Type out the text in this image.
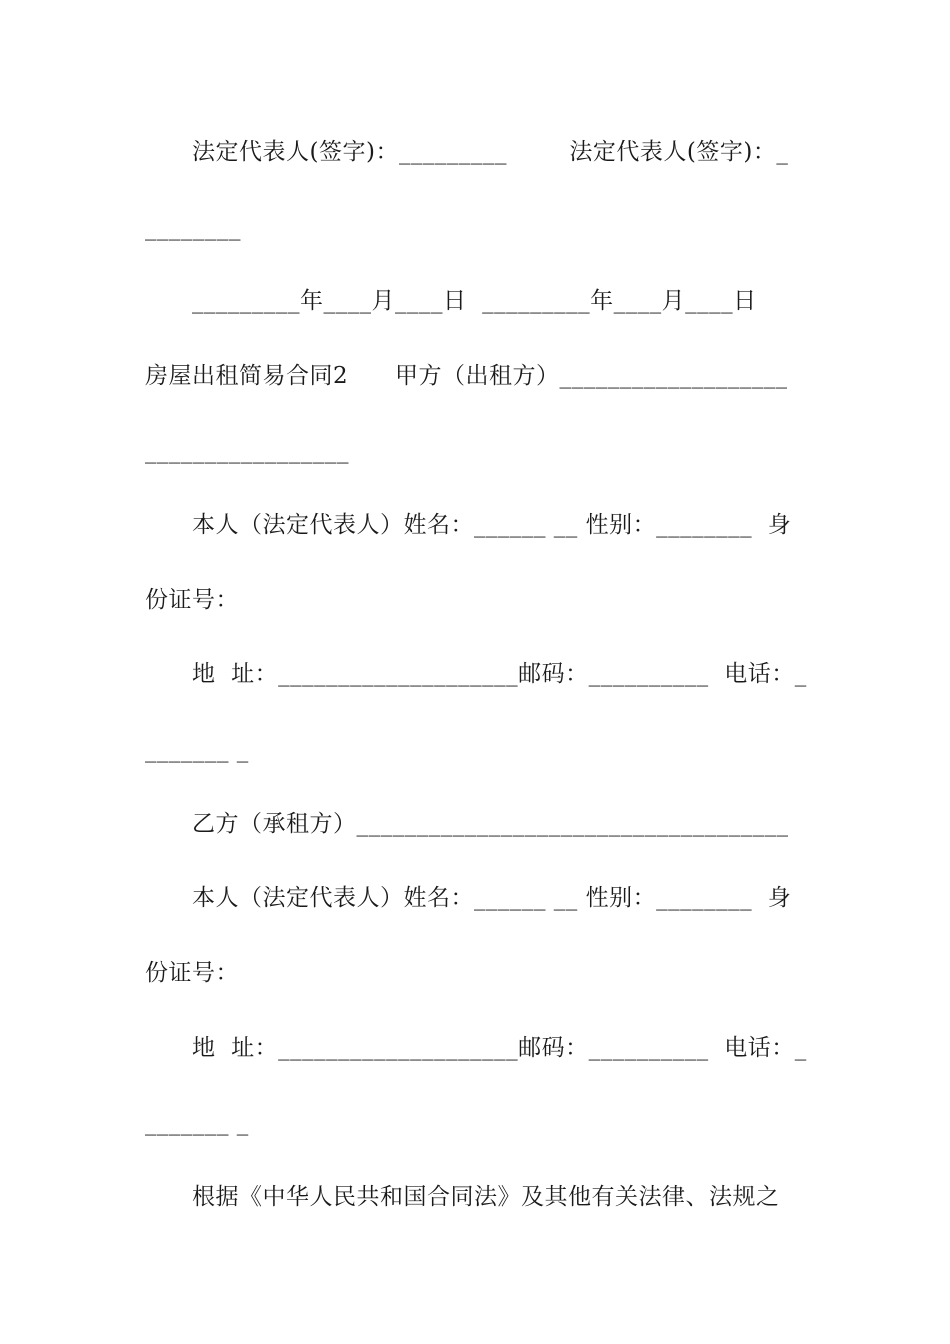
法定代表人(签字)：_________        法定代表人(签字)：_
________
_________年____月____日  _________年____月____日
房屋出租简易合同2      甲方（出租方）___________________
_________________
本人（法定代表人）姓名：______ __ 性别：________  身
份证号：
地  址：____________________邮码：__________  电话：_
_______ _
乙方（承租方）____________________________________
本人（法定代表人）姓名：______ __ 性别：________  身
份证号：
地  址：____________________邮码：__________  电话：_
_______ _
根据《中华人民共和国合同法》及其他有关法律、法规之
